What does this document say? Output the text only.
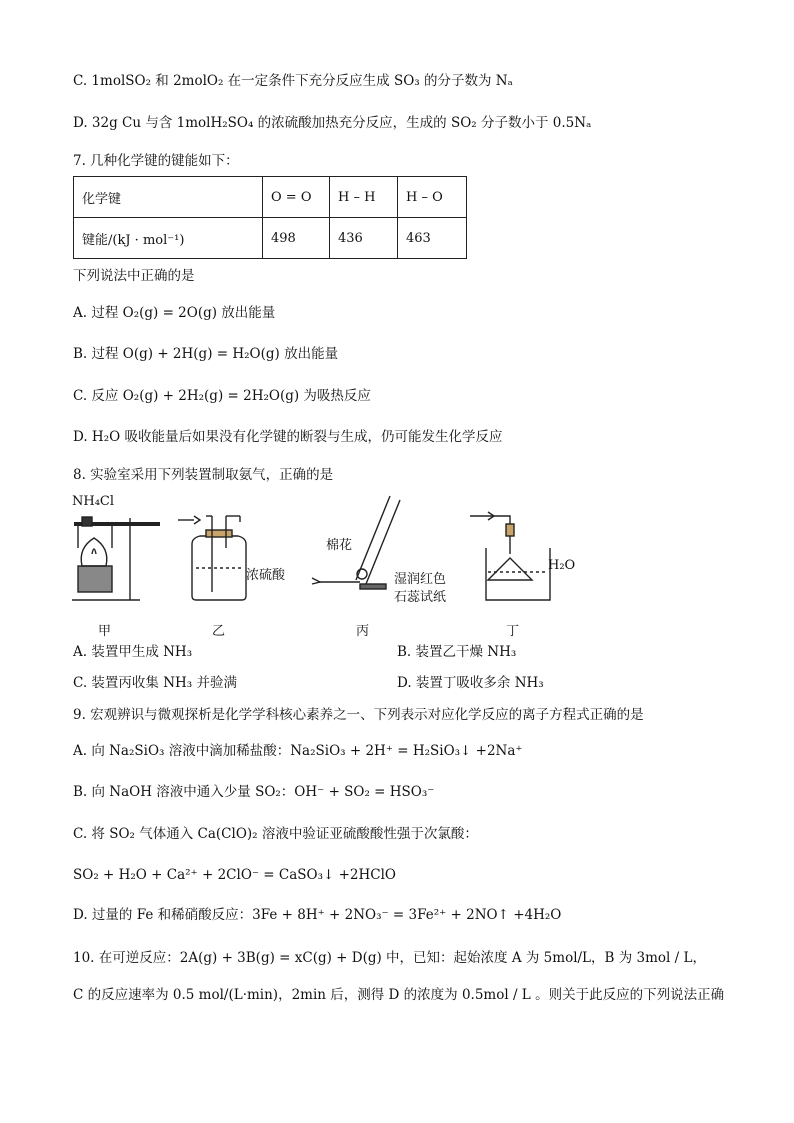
C. 1molSO₂ 和 2molO₂ 在一定条件下充分反应生成 SO₃ 的分子数为 Nₐ
D. 32g Cu 与含 1molH₂SO₄ 的浓硫酸加热充分反应，生成的 SO₂ 分子数小于 0.5Nₐ
7. 几种化学键的键能如下：
化学键	O = O	H – H	H – O
键能/(kJ · mol⁻¹)	498	436	463
下列说法中正确的是
A. 过程 O₂(g) = 2O(g) 放出能量
B. 过程 O(g) + 2H(g) = H₂O(g) 放出能量
C. 反应 O₂(g) + 2H₂(g) = 2H₂O(g) 为吸热反应
D. H₂O 吸收能量后如果没有化学键的断裂与生成，仍可能发生化学反应
8. 实验室采用下列装置制取氨气，正确的是
NH₄Cl
浓硫酸
棉花
湿润红色
石蕊试纸
H₂O
甲	乙	丙	丁
A. 装置甲生成 NH₃	B. 装置乙干燥 NH₃
C. 装置丙收集 NH₃ 并验满	D. 装置丁吸收多余 NH₃
9. 宏观辨识与微观探析是化学学科核心素养之一、下列表示对应化学反应的离子方程式正确的是
A. 向 Na₂SiO₃ 溶液中滴加稀盐酸：Na₂SiO₃ + 2H⁺ = H₂SiO₃↓ +2Na⁺
B. 向 NaOH 溶液中通入少量 SO₂：OH⁻ + SO₂ = HSO₃⁻
C. 将 SO₂ 气体通入 Ca(ClO)₂ 溶液中验证亚硫酸酸性强于次氯酸：
SO₂ + H₂O + Ca²⁺ + 2ClO⁻ = CaSO₃↓ +2HClO
D. 过量的 Fe 和稀硝酸反应：3Fe + 8H⁺ + 2NO₃⁻ = 3Fe²⁺ + 2NO↑ +4H₂O
10. 在可逆反应：2A(g) + 3B(g) = xC(g) + D(g) 中，已知：起始浓度 A 为 5mol/L，B 为 3mol / L，
C 的反应速率为 0.5 mol/(L·min)，2min 后，测得 D 的浓度为 0.5mol / L 。则关于此反应的下列说法正确
